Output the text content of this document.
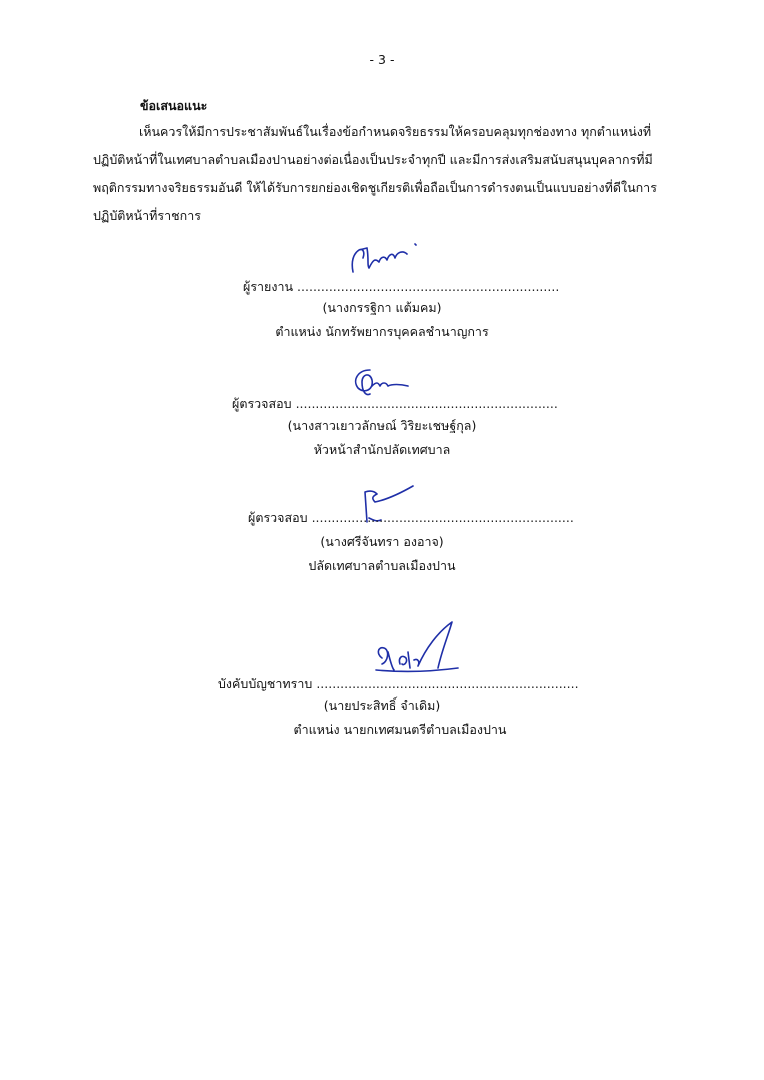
- 3 -
ข้อเสนอแนะ
เห็นควรให้มีการประชาสัมพันธ์ในเรื่องข้อกำหนดจริยธรรมให้ครอบคลุมทุกช่องทาง ทุกตำแหน่งที่
ปฏิบัติหน้าที่ในเทศบาลตำบลเมืองปานอย่างต่อเนื่องเป็นประจำทุกปี และมีการส่งเสริมสนับสนุนบุคลากรที่มี
พฤติกรรมทางจริยธรรมอันดี ให้ได้รับการยกย่องเชิดชูเกียรติเพื่อถือเป็นการดำรงตนเป็นแบบอย่างที่ดีในการ
ปฏิบัติหน้าที่ราชการ
ผู้รายงาน ..................................................................
(นางกรรฐิกา แต้มคม)
ตำแหน่ง นักทรัพยากรบุคคลชำนาญการ
ผู้ตรวจสอบ ..................................................................
(นางสาวเยาวลักษณ์ วิริยะเชษฐ์กุล)
หัวหน้าสำนักปลัดเทศบาล
ผู้ตรวจสอบ ..................................................................
(นางศรีจันทรา องอาจ)
ปลัดเทศบาลตำบลเมืองปาน
บังคับบัญชาทราบ ..................................................................
(นายประสิทธิ์ จำเดิม)
ตำแหน่ง นายกเทศมนตรีตำบลเมืองปาน
